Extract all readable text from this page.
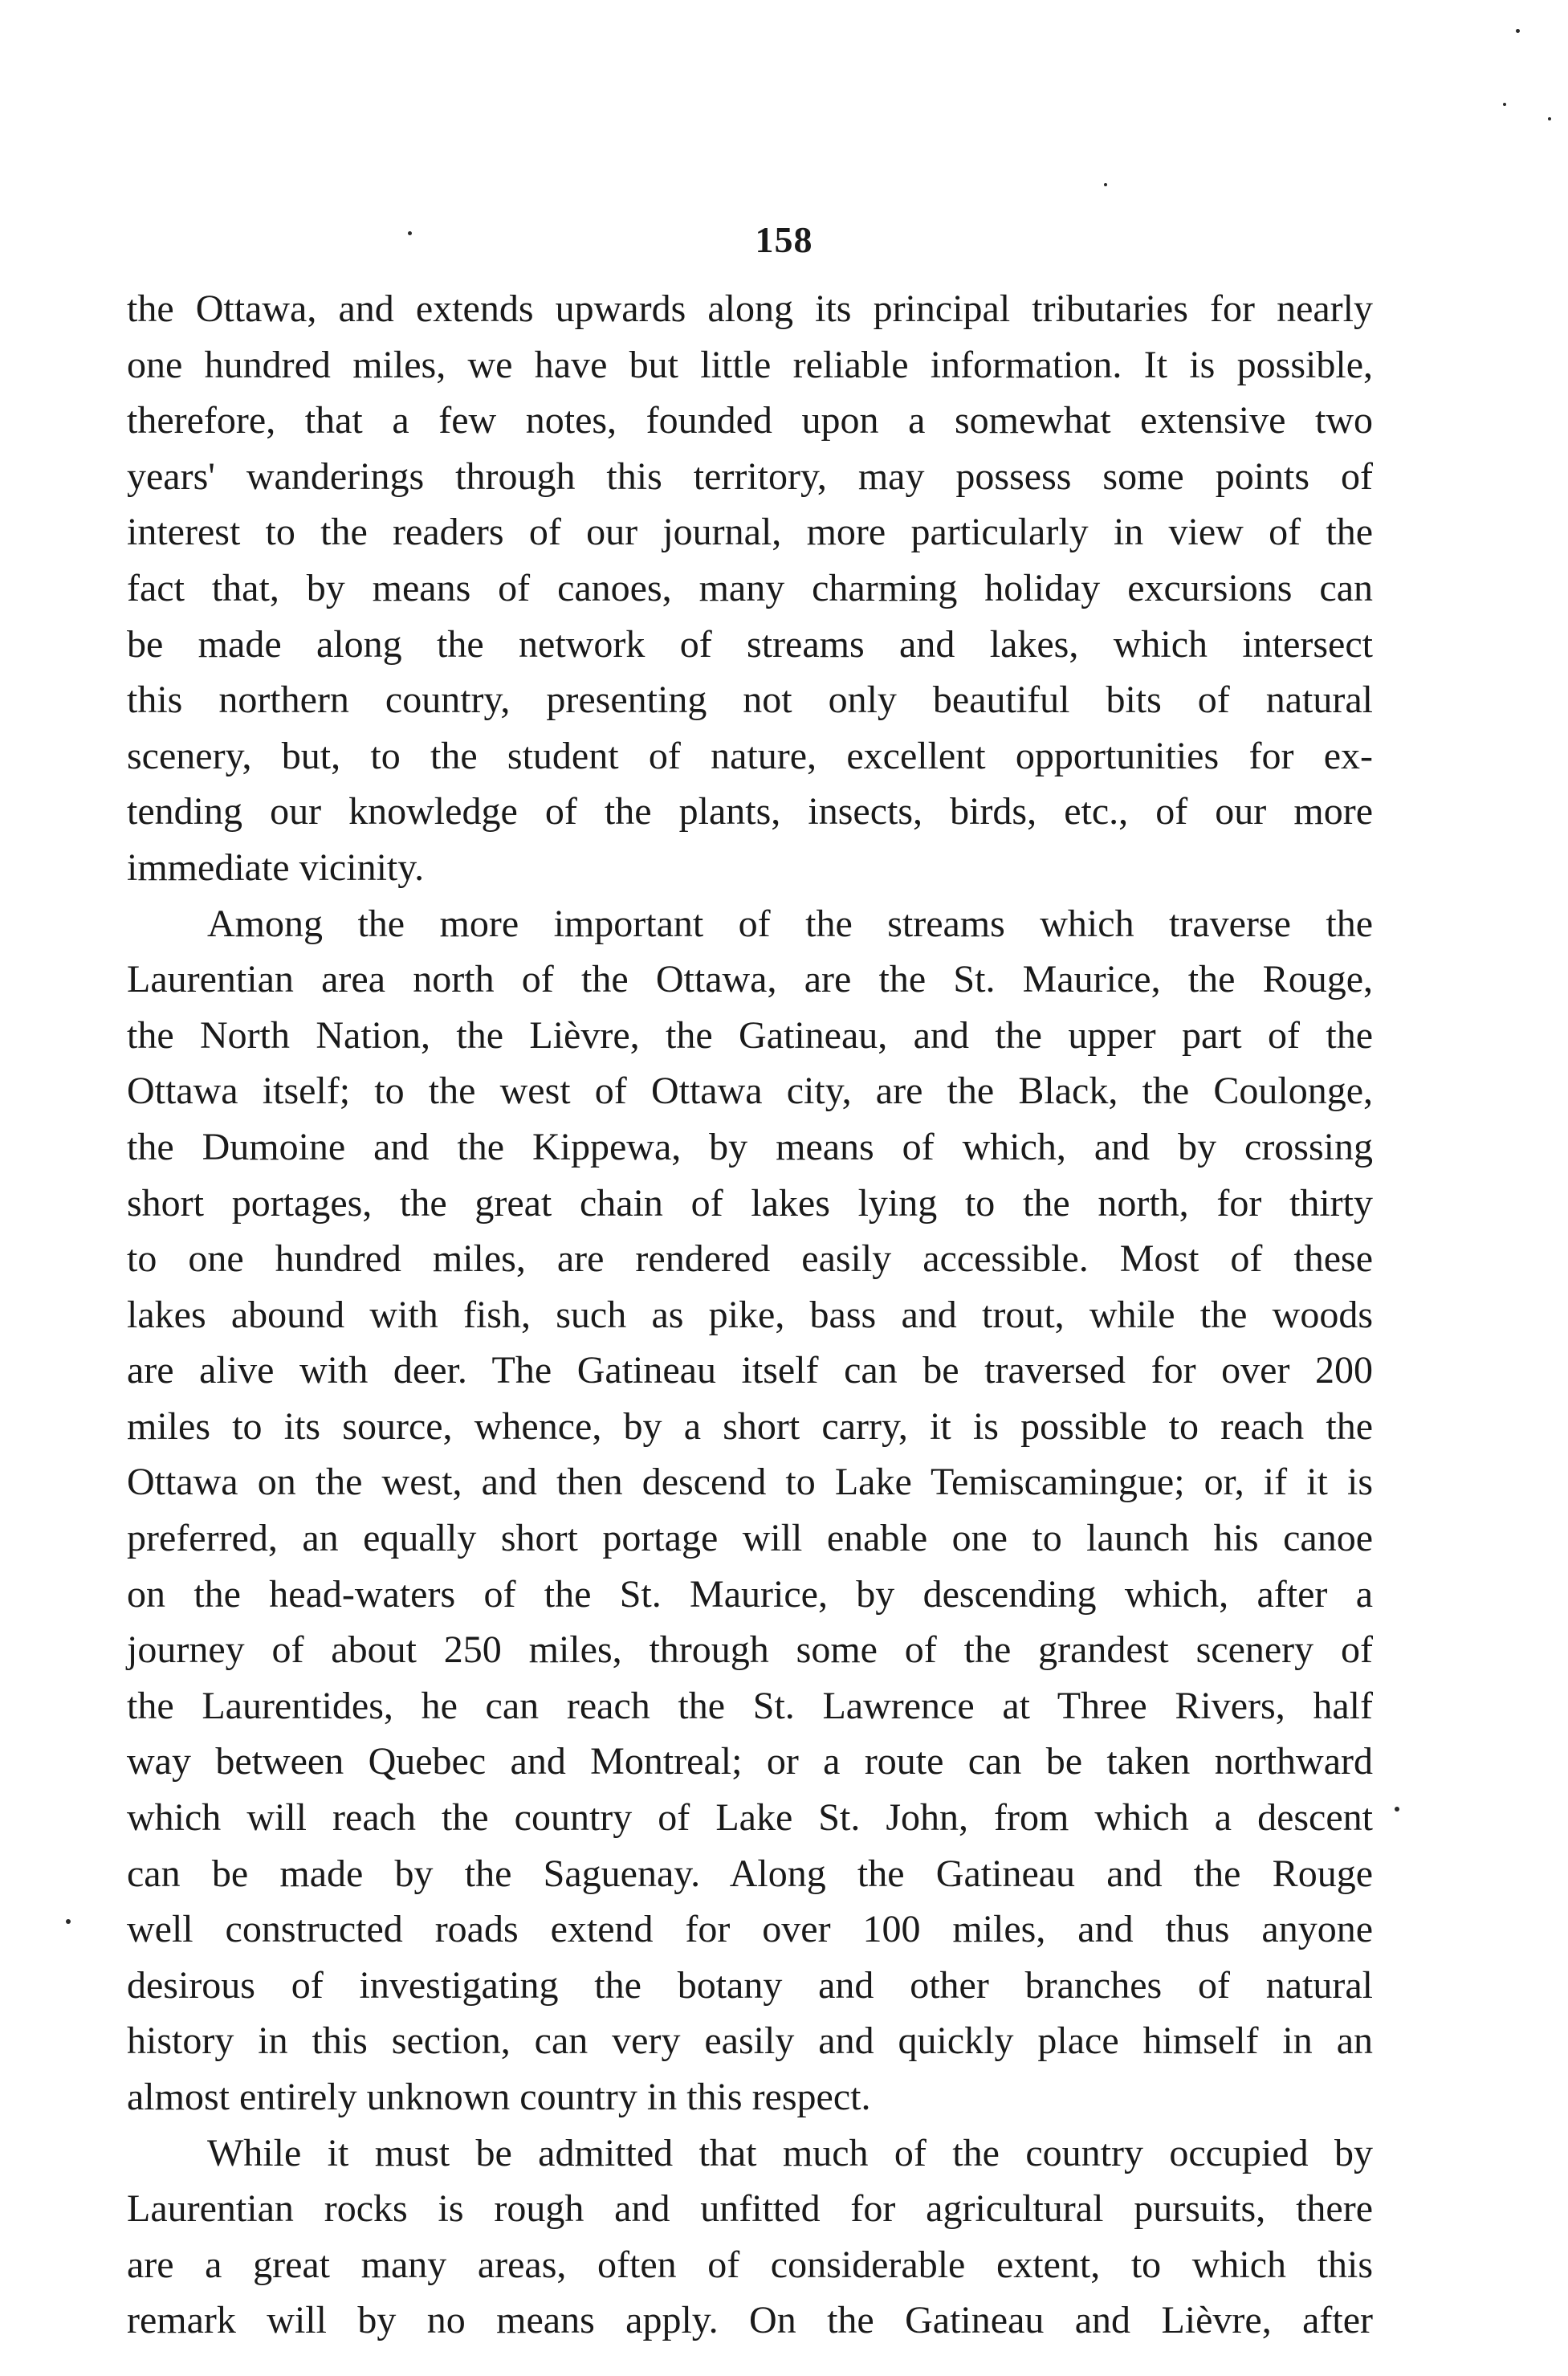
158
the Ottawa, and extends upwards along its principal tributaries for nearly
one hundred miles, we have but little reliable information. It is possible,
therefore, that a few notes, founded upon a somewhat extensive two
years' wanderings through this territory, may possess some points of
interest to the readers of our journal, more particularly in view of the
fact that, by means of canoes, many charming holiday excursions can
be made along the network of streams and lakes, which intersect
this northern country, presenting not only beautiful bits of natural
scenery, but, to the student of nature, excellent opportunities for ex-
tending our knowledge of the plants, insects, birds, etc., of our more
immediate vicinity.
Among the more important of the streams which traverse the
Laurentian area north of the Ottawa, are the St. Maurice, the Rouge,
the North Nation, the Lièvre, the Gatineau, and the upper part of the
Ottawa itself; to the west of Ottawa city, are the Black, the Coulonge,
the Dumoine and the Kippewa, by means of which, and by crossing
short portages, the great chain of lakes lying to the north, for thirty
to one hundred miles, are rendered easily accessible. Most of these
lakes abound with fish, such as pike, bass and trout, while the woods
are alive with deer. The Gatineau itself can be traversed for over 200
miles to its source, whence, by a short carry, it is possible to reach the
Ottawa on the west, and then descend to Lake Temiscamingue; or, if it is
preferred, an equally short portage will enable one to launch his canoe
on the head-waters of the St. Maurice, by descending which, after a
journey of about 250 miles, through some of the grandest scenery of
the Laurentides, he can reach the St. Lawrence at Three Rivers, half
way between Quebec and Montreal; or a route can be taken northward
which will reach the country of Lake St. John, from which a descent
can be made by the Saguenay. Along the Gatineau and the Rouge
well constructed roads extend for over 100 miles, and thus anyone
desirous of investigating the botany and other branches of natural
history in this section, can very easily and quickly place himself in an
almost entirely unknown country in this respect.
While it must be admitted that much of the country occupied by
Laurentian rocks is rough and unfitted for agricultural pursuits, there
are a great many areas, often of considerable extent, to which this
remark will by no means apply. On the Gatineau and Lièvre, after
